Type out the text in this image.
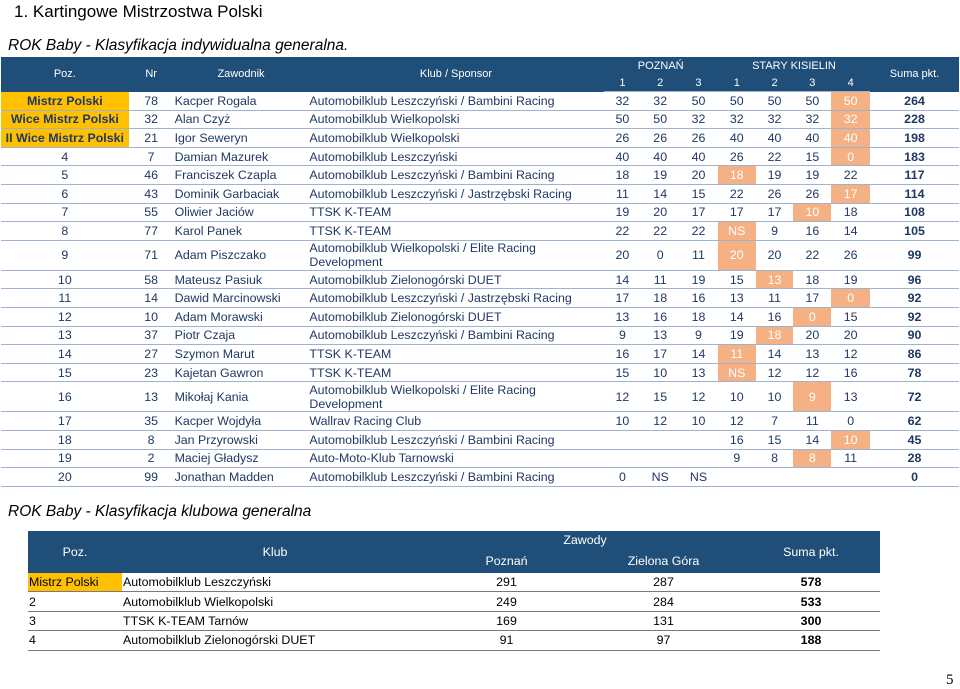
1. Kartingowe Mistrzostwa Polski
ROK Baby - Klasyfikacja indywidualna generalna.
Poz.	Nr	Zawodnik	Klub / Sponsor	POZNAŃ			STARY KISIELIN				Suma pkt.
				1	2	3	1	2	3	4	
Mistrz Polski	78	Kacper Rogala	Automobilklub Leszczyński / Bambini Racing	32	32	50	50	50	50	50	264
Wice Mistrz Polski	32	Alan Czyż	Automobilklub Wielkopolski	50	50	32	32	32	32	32	228
II Wice Mistrz Polski	21	Igor Seweryn	Automobilklub Wielkopolski	26	26	26	40	40	40	40	198
4	7	Damian Mazurek	Automobilklub Leszczyński	40	40	40	26	22	15	0	183
5	46	Franciszek Czapla	Automobilklub Leszczyński / Bambini Racing	18	19	20	18	19	19	22	117
6	43	Dominik Garbaciak	Automobilklub Leszczyński / Jastrzębski Racing	11	14	15	22	26	26	17	114
7	55	Oliwier Jaciów	TTSK K-TEAM	19	20	17	17	17	10	18	108
8	77	Karol Panek	TTSK K-TEAM	22	22	22	NS	9	16	14	105
9	71	Adam Piszczako	Automobilklub Wielkopolski / Elite Racing Development	20	0	11	20	20	22	26	99
10	58	Mateusz Pasiuk	Automobilklub Zielonogórski DUET	14	11	19	15	13	18	19	96
11	14	Dawid Marcinowski	Automobilklub Leszczyński / Jastrzębski Racing	17	18	16	13	11	17	0	92
12	10	Adam Morawski	Automobilklub Zielonogórski DUET	13	16	18	14	16	0	15	92
13	37	Piotr Czaja	Automobilklub Leszczyński / Bambini Racing	9	13	9	19	18	20	20	90
14	27	Szymon Marut	TTSK K-TEAM	16	17	14	11	14	13	12	86
15	23	Kajetan Gawron	TTSK K-TEAM	15	10	13	NS	12	12	16	78
16	13	Mikołaj Kania	Automobilklub Wielkopolski / Elite Racing Development	12	15	12	10	10	9	13	72
17	35	Kacper Wojdyła	Wallrav Racing Club	10	12	10	12	7	11	0	62
18	8	Jan Przyrowski	Automobilklub Leszczyński / Bambini Racing				16	15	14	10	45
19	2	Maciej Gładysz	Auto-Moto-Klub Tarnowski				9	8	8	11	28
20	99	Jonathan Madden	Automobilklub Leszczyński / Bambini Racing	0	NS	NS					0
ROK Baby - Klasyfikacja klubowa generalna
Poz.	Klub	Zawody		Suma pkt.
		Poznań	Zielona Góra	
Mistrz Polski	Automobilklub Leszczyński	291	287	578
2	Automobilklub Wielkopolski	249	284	533
3	TTSK K-TEAM Tarnów	169	131	300
4	Automobilklub Zielonogórski DUET	91	97	188
5
